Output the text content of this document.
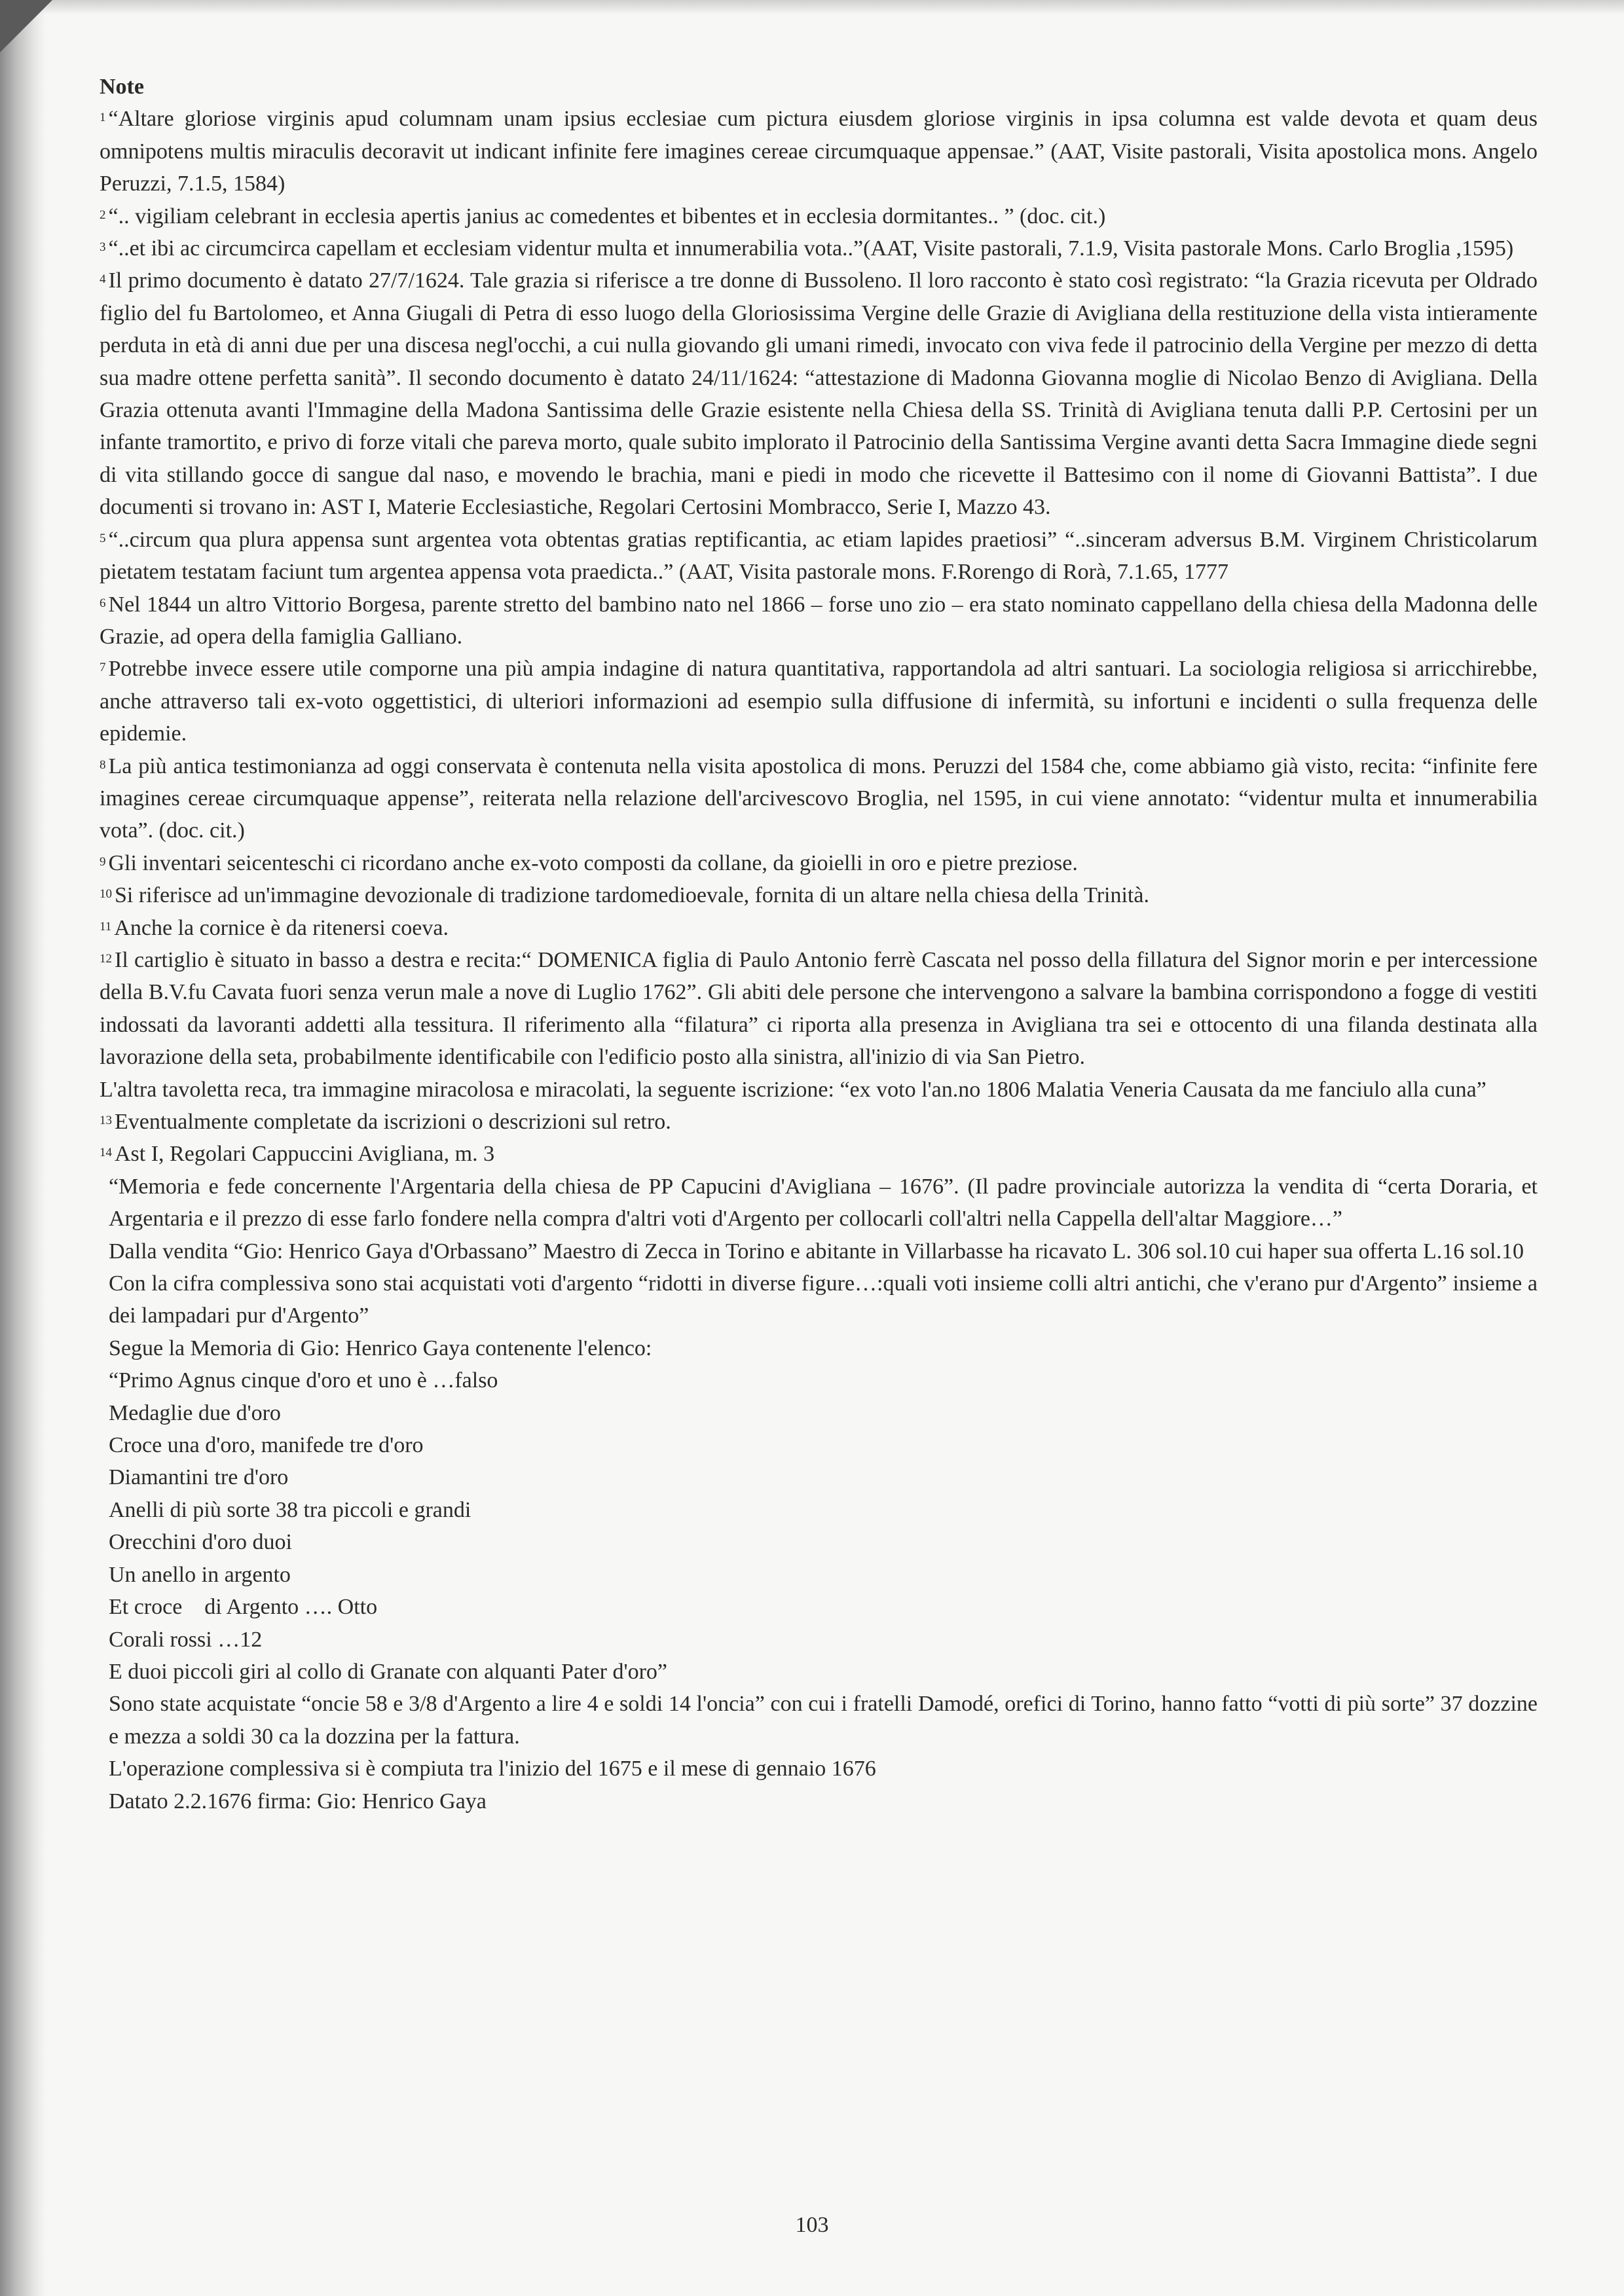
Note

$^1$ “Altare gloriose virginis apud columnam unam ipsius ecclesiae cum pictura eiusdem gloriose virginis in ipsa columna est valde devota et quam deus omnipotens multis miraculis decoravit ut indicant infinite fere imagines cereae circumquaque appensae.” (AAT, Visite pastorali, Visita apostolica mons. Angelo Peruzzi, 7.1.5, 1584)

$^2$ “.. vigiliam celebrant in ecclesia apertis janius ac comedentes et bibentes et in ecclesia dormitantes.. ” (doc. cit.)

$^3$ “..et ibi ac circumcirca capellam et ecclesiam videntur multa et innumerabilia vota..”(AAT, Visite pastorali, 7.1.9, Visita pastorale Mons. Carlo Broglia ,1595)

$^4$ Il primo documento è datato 27/7/1624. Tale grazia si riferisce a tre donne di Bussoleno. Il loro racconto è stato così registrato: “la Grazia ricevuta per Oldrado figlio del fu Bartolomeo, et Anna Giugali di Petra di esso luogo della Gloriosissima Vergine delle Grazie di Avigliana della restituzione della vista intieramente perduta in età di anni due per una discesa negl'occhi, a cui nulla giovando gli umani rimedi, invocato con viva fede il patrocinio della Vergine per mezzo di detta sua madre ottene perfetta sanità”. Il secondo documento è datato 24/11/1624: “attestazione di Madonna Giovanna moglie di Nicolao Benzo di Avigliana. Della Grazia ottenuta avanti l'Immagine della Madona Santissima delle Grazie esistente nella Chiesa della SS. Trinità di Avigliana tenuta dalli P.P. Certosini per un infante tramortito, e privo di forze vitali che pareva morto, quale subito implorato il Patrocinio della Santissima Vergine avanti detta Sacra Immagine diede segni di vita stillando gocce di sangue dal naso, e movendo le brachia, mani e piedi in modo che ricevette il Battesimo con il nome di Giovanni Battista”. I due documenti si trovano in: AST I, Materie Ecclesiastiche, Regolari Certosini Mombracco, Serie I, Mazzo 43.

$^5$ “..circum qua plura appensa sunt argentea vota obtentas gratias reptificantia, ac etiam lapides praetiosi” “..sinceram adversus B.M. Virginem Christicolarum pietatem testatam faciunt tum argentea appensa vota praedicta..” (AAT, Visita pastorale mons. F.Rorengo di Rorà, 7.1.65, 1777

$^6$ Nel 1844 un altro Vittorio Borgesa, parente stretto del bambino nato nel 1866 – forse uno zio – era stato nominato cappellano della chiesa della Madonna delle Grazie, ad opera della famiglia Galliano.

$^7$ Potrebbe invece essere utile comporne una più ampia indagine di natura quantitativa, rapportandola ad altri santuari. La sociologia religiosa si arricchirebbe, anche attraverso tali ex-voto oggettistici, di ulteriori informazioni ad esempio sulla diffusione di infermità, su infortuni e incidenti o sulla frequenza delle epidemie.

$^8$ La più antica testimonianza ad oggi conservata è contenuta nella visita apostolica di mons. Peruzzi del 1584 che, come abbiamo già visto, recita: “infinite fere imagines cereae circumquaque appense”, reiterata nella relazione dell'arcivescovo Broglia, nel 1595, in cui viene annotato: “videntur multa et innumerabilia vota”. (doc. cit.)

$^9$ Gli inventari seicenteschi ci ricordano anche ex-voto composti da collane, da gioielli in oro e pietre preziose.

$^{10}$ Si riferisce ad un'immagine devozionale di tradizione tardomedioevale, fornita di un altare nella chiesa della Trinità.

$^{11}$ Anche la cornice è da ritenersi coeva.

$^{12}$ Il cartiglio è situato in basso a destra e recita:“ DOMENICA figlia di Paulo Antonio ferrè Cascata nel posso della fillatura del Signor morin e per intercessione della B.V.fu Cavata fuori senza verun male a nove di Luglio 1762”. Gli abiti dele persone che intervengono a salvare la bambina corrispondono a fogge di vestiti indossati da lavoranti addetti alla tessitura. Il riferimento alla “filatura” ci riporta alla presenza in Avigliana tra sei e ottocento di una filanda destinata alla lavorazione della seta, probabilmente identificabile con l'edificio posto alla sinistra, all'inizio di via San Pietro.

L'altra tavoletta reca, tra immagine miracolosa e miracolati, la seguente iscrizione: “ex voto l'an.no 1806 Malatia Veneria Causata da me fanciulo alla cuna”

$^{13}$ Eventualmente completate da iscrizioni o descrizioni sul retro.

$^{14}$ Ast I, Regolari Cappuccini Avigliana, m. 3

“Memoria e fede concernente l'Argentaria della chiesa de PP Capucini d'Avigliana – 1676”. (Il padre provinciale autorizza la vendita di “certa Doraria, et Argentaria e il prezzo di esse farlo fondere nella compra d'altri voti d'Argento per collocarli coll'altri nella Cappella dell'altar Maggiore…”

Dalla vendita “Gio: Henrico Gaya d'Orbassano” Maestro di Zecca in Torino e abitante in Villarbasse ha ricavato L. 306 sol.10 cui haper sua offerta L.16 sol.10

Con la cifra complessiva sono stai acquistati voti d'argento “ridotti in diverse figure…:quali voti insieme colli altri antichi, che v'erano pur d'Argento” insieme a dei lampadari pur d'Argento”

Segue la Memoria di Gio: Henrico Gaya contenente l'elenco:

“Primo Agnus cinque d'oro et uno è …falso

Medaglie due d'oro

Croce una d'oro, manifede tre d'oro

Diamantini tre d'oro

Anelli di più sorte 38 tra piccoli e grandi

Orecchini d'oro duoi

Un anello in argento

Et croce    di Argento …. Otto

Corali rossi …12

E duoi piccoli giri al collo di Granate con alquanti Pater d'oro”

Sono state acquistate “oncie 58 e 3/8 d'Argento a lire 4 e soldi 14 l'oncia” con cui i fratelli Damodé, orefici di Torino, hanno fatto “votti di più sorte” 37 dozzine e mezza a soldi 30 ca la dozzina per la fattura.

L'operazione complessiva si è compiuta tra l'inizio del 1675 e il mese di gennaio 1676

Datato 2.2.1676 firma: Gio: Henrico Gaya

103
